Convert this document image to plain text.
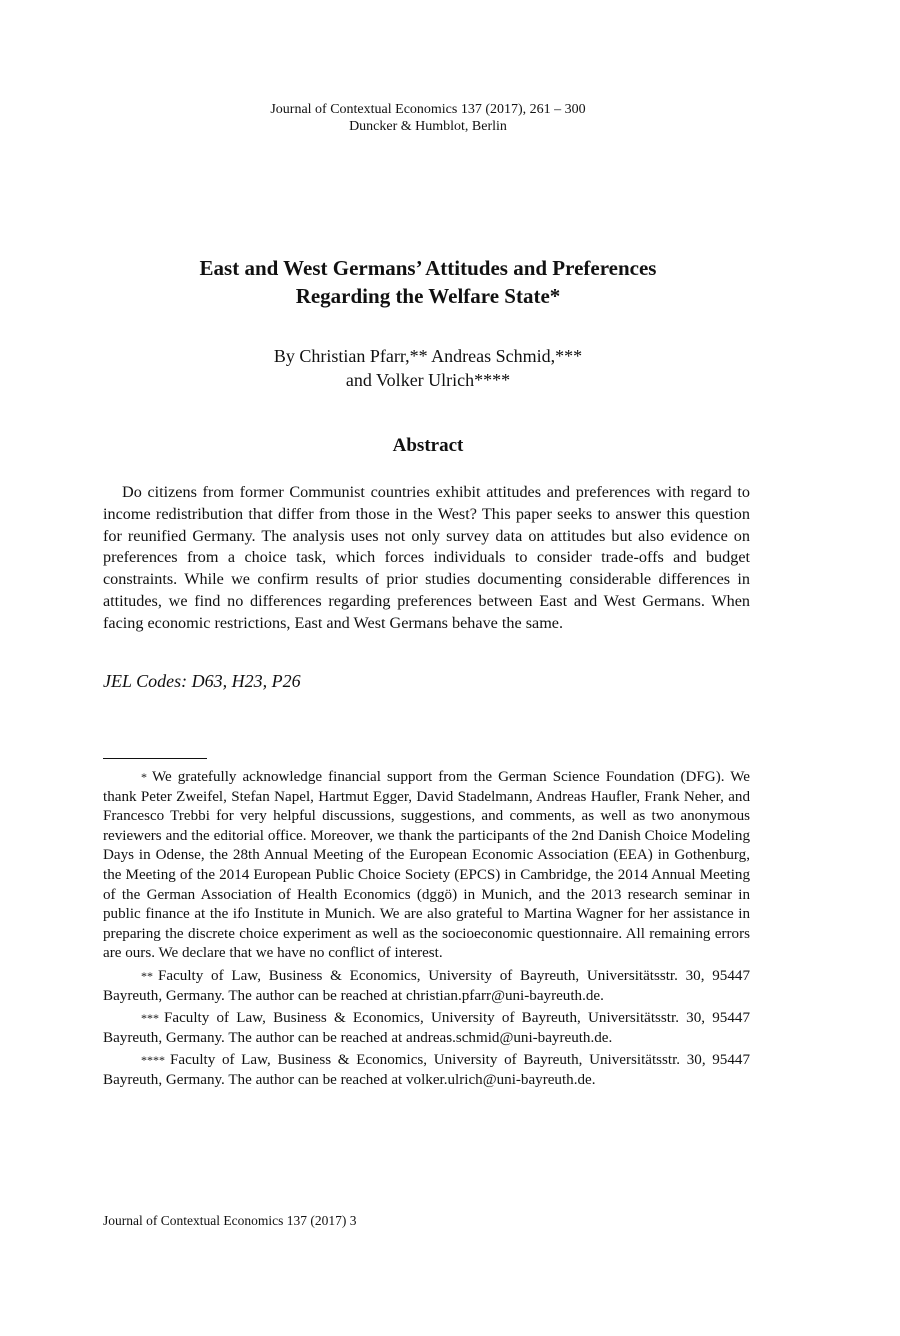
Journal of Contextual Economics 137 (2017), 261 – 300
Duncker & Humblot, Berlin
East and West Germans’ Attitudes and Preferences
Regarding the Welfare State*
By Christian Pfarr,** Andreas Schmid,***
and Volker Ulrich****
Abstract

Do citizens from former Communist countries exhibit attitudes and preferences with regard to income redistribution that differ from those in the West? This paper seeks to answer this question for reunified Germany. The analysis uses not only survey data on attitudes but also evidence on preferences from a choice task, which forces individuals to consider trade-offs and budget constraints. While we confirm results of prior studies documenting considerable differences in attitudes, we find no differences regarding preferences between East and West Germans. When facing economic restrictions, East and West Germans behave the same.

JEL Codes: D63, H23, P26

* We gratefully acknowledge financial support from the German Science Foundation (DFG). We thank Peter Zweifel, Stefan Napel, Hartmut Egger, David Stadelmann, Andreas Haufler, Frank Neher, and Francesco Trebbi for very helpful discussions, suggestions, and comments, as well as two anonymous reviewers and the editorial office. Moreover, we thank the participants of the 2nd Danish Choice Modeling Days in Odense, the 28th Annual Meeting of the European Economic Association (EEA) in Gothenburg, the Meeting of the 2014 European Public Choice Society (EPCS) in Cambridge, the 2014 Annual Meeting of the German Association of Health Economics (dggö) in Munich, and the 2013 research seminar in public finance at the ifo Institute in Munich. We are also grateful to Martina Wagner for her assistance in preparing the discrete choice experiment as well as the socioeconomic questionnaire. All remaining errors are ours. We declare that we have no conflict of interest.

** Faculty of Law, Business & Economics, University of Bayreuth, Universitätsstr. 30, 95447 Bayreuth, Germany. The author can be reached at christian.pfarr@uni-bayreuth.de.

*** Faculty of Law, Business & Economics, University of Bayreuth, Universitätsstr. 30, 95447 Bayreuth, Germany. The author can be reached at andreas.schmid@uni-bayreuth.de.

**** Faculty of Law, Business & Economics, University of Bayreuth, Universitätsstr. 30, 95447 Bayreuth, Germany. The author can be reached at volker.ulrich@uni-bayreuth.de.

Journal of Contextual Economics 137 (2017) 3
